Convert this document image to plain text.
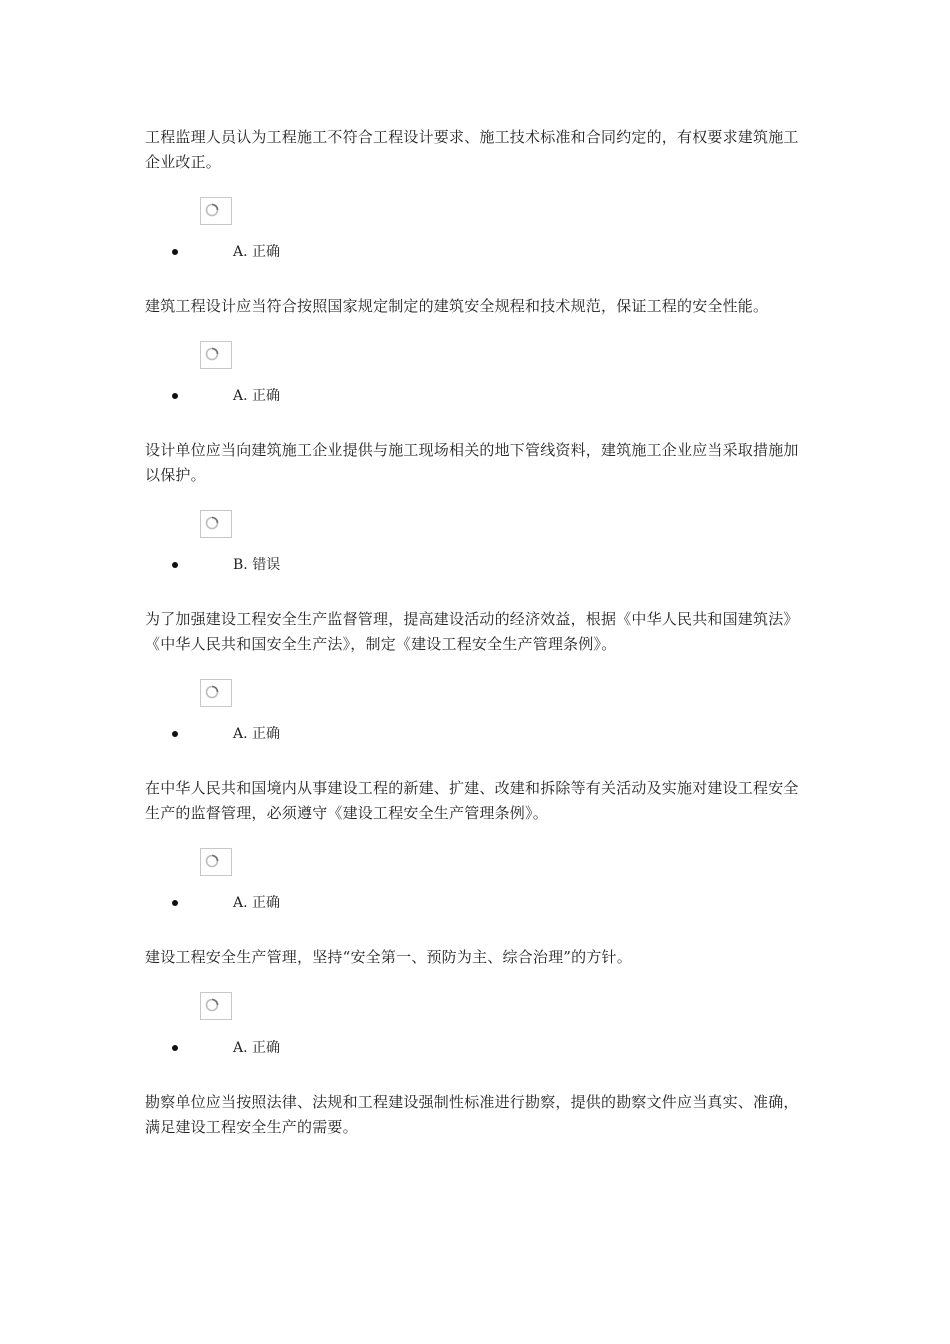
工程监理人员认为工程施工不符合工程设计要求、施工技术标准和合同约定的，有权要求建筑施工企业改正。
A. 正确
建筑工程设计应当符合按照国家规定制定的建筑安全规程和技术规范，保证工程的安全性能。
A. 正确
设计单位应当向建筑施工企业提供与施工现场相关的地下管线资料，建筑施工企业应当采取措施加以保护。
B. 错误
为了加强建设工程安全生产监督管理，提高建设活动的经济效益，根据《中华人民共和国建筑法》《中华人民共和国安全生产法》，制定《建设工程安全生产管理条例》。
A. 正确
在中华人民共和国境内从事建设工程的新建、扩建、改建和拆除等有关活动及实施对建设工程安全生产的监督管理，必须遵守《建设工程安全生产管理条例》。
A. 正确
建设工程安全生产管理，坚持“安全第一、预防为主、综合治理”的方针。
A. 正确
勘察单位应当按照法律、法规和工程建设强制性标准进行勘察，提供的勘察文件应当真实、准确，满足建设工程安全生产的需要。
